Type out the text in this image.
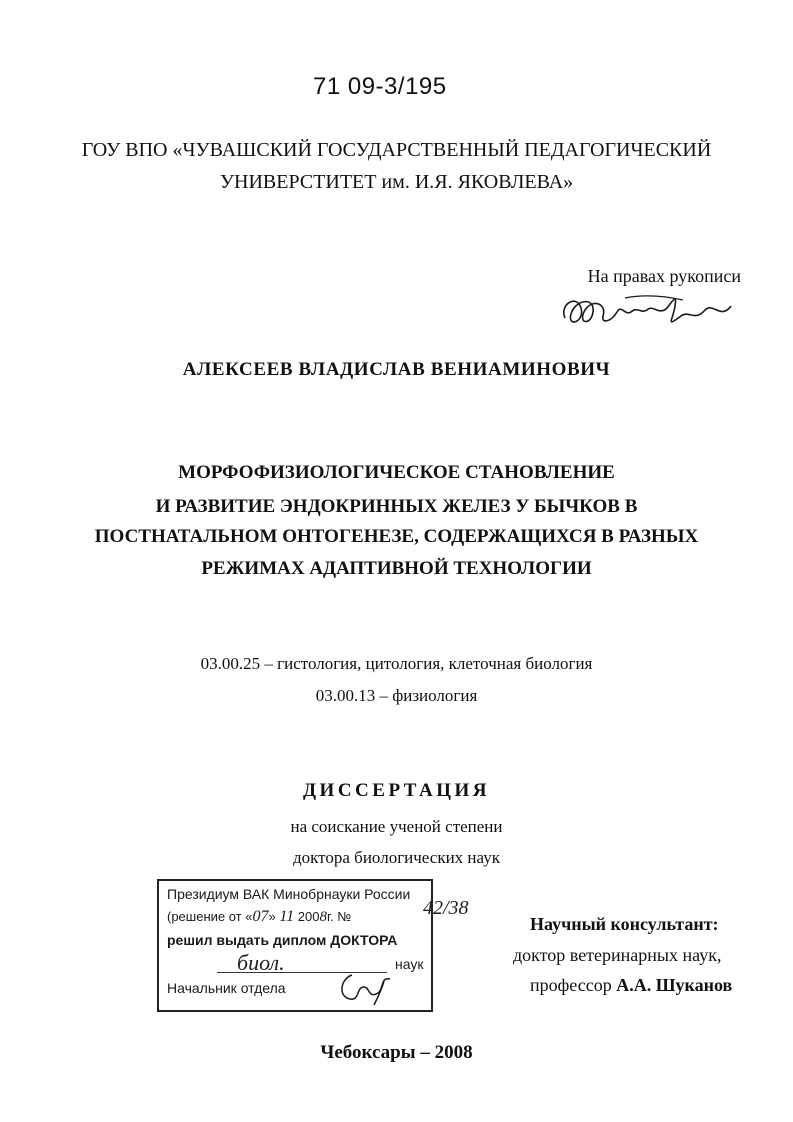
71 09-3/195
ГОУ ВПО «ЧУВАШСКИЙ ГОСУДАРСТВЕННЫЙ ПЕДАГОГИЧЕСКИЙ
УНИВЕРСТИТЕТ им. И.Я. ЯКОВЛЕВА»
На правах рукописи
АЛЕКСЕЕВ ВЛАДИСЛАВ ВЕНИАМИНОВИЧ
МОРФОФИЗИОЛОГИЧЕСКОЕ СТАНОВЛЕНИЕ
И РАЗВИТИЕ ЭНДОКРИННЫХ ЖЕЛЕЗ У БЫЧКОВ В
ПОСТНАТАЛЬНОМ ОНТОГЕНЕЗЕ, СОДЕРЖАЩИХСЯ В РАЗНЫХ
РЕЖИМАХ АДАПТИВНОЙ ТЕХНОЛОГИИ
03.00.25 – гистология, цитология, клеточная биология
03.00.13 – физиология
ДИССЕРТАЦИЯ
на соискание ученой степени
доктора биологических наук
Президиум ВАК Минобрнауки России
(решение от «07» 11 2008г. №
решил выдать диплом ДОКТОРА
биол.	наук
Начальник отдела
42/38
Научный консультант:
доктор ветеринарных наук,
профессор А.А. Шуканов
Чебоксары – 2008
